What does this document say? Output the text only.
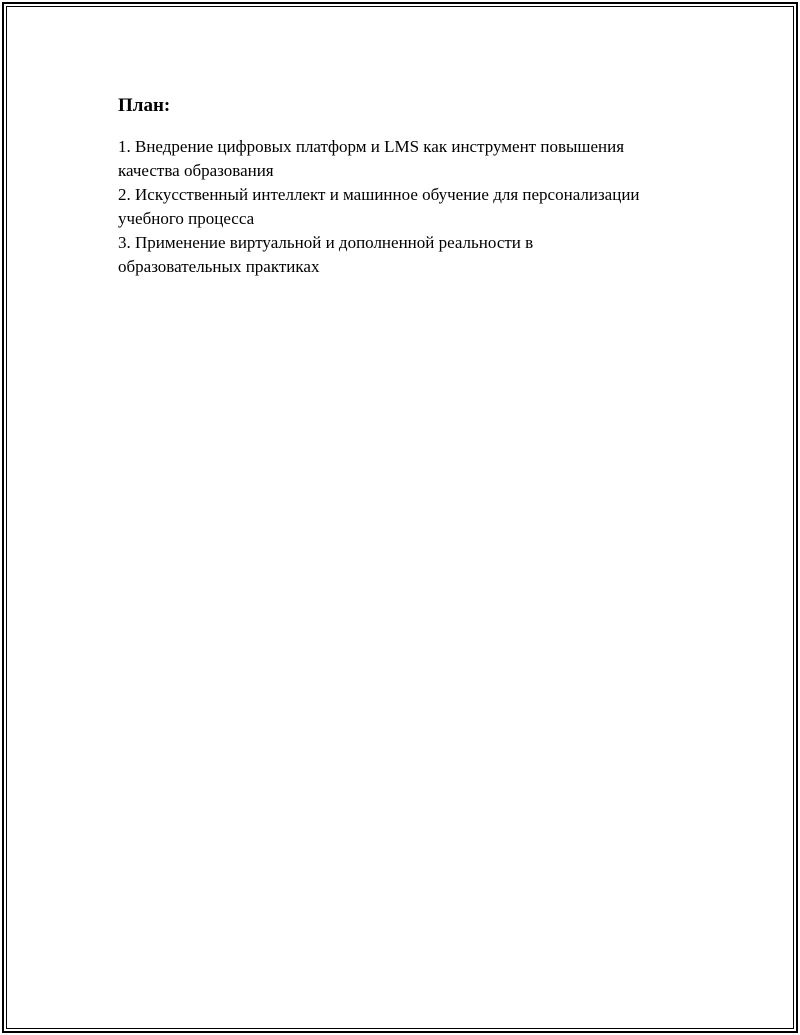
План:
1. Внедрение цифровых платформ и LMS как инструмент повышения
качества образования
2. Искусственный интеллект и машинное обучение для персонализации
учебного процесса
3. Применение виртуальной и дополненной реальности в
образовательных практиках
